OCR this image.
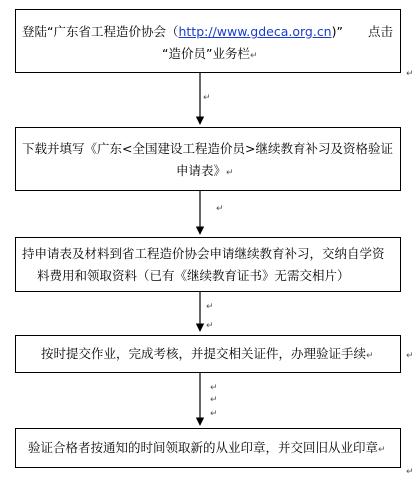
登陆“广东省工程造价协会（http://www.gdeca.org.cn)” 点击
“造价员”业务栏↵
下载并填写《广东<全国建设工程造价员>继续教育补习及资格验证
申请表》↵
持申请表及材料到省工程造价协会申请继续教育补习，交纳自学资
料费用和领取资料（已有《继续教育证书》无需交相片）
按时提交作业，完成考核，并提交相关证件，办理验证手续↵
验证合格者按通知的时间领取新的从业印章，并交回旧从业印章↵
↵
↵
↵
↵
↵
↵
↵
↵
↵
↵
